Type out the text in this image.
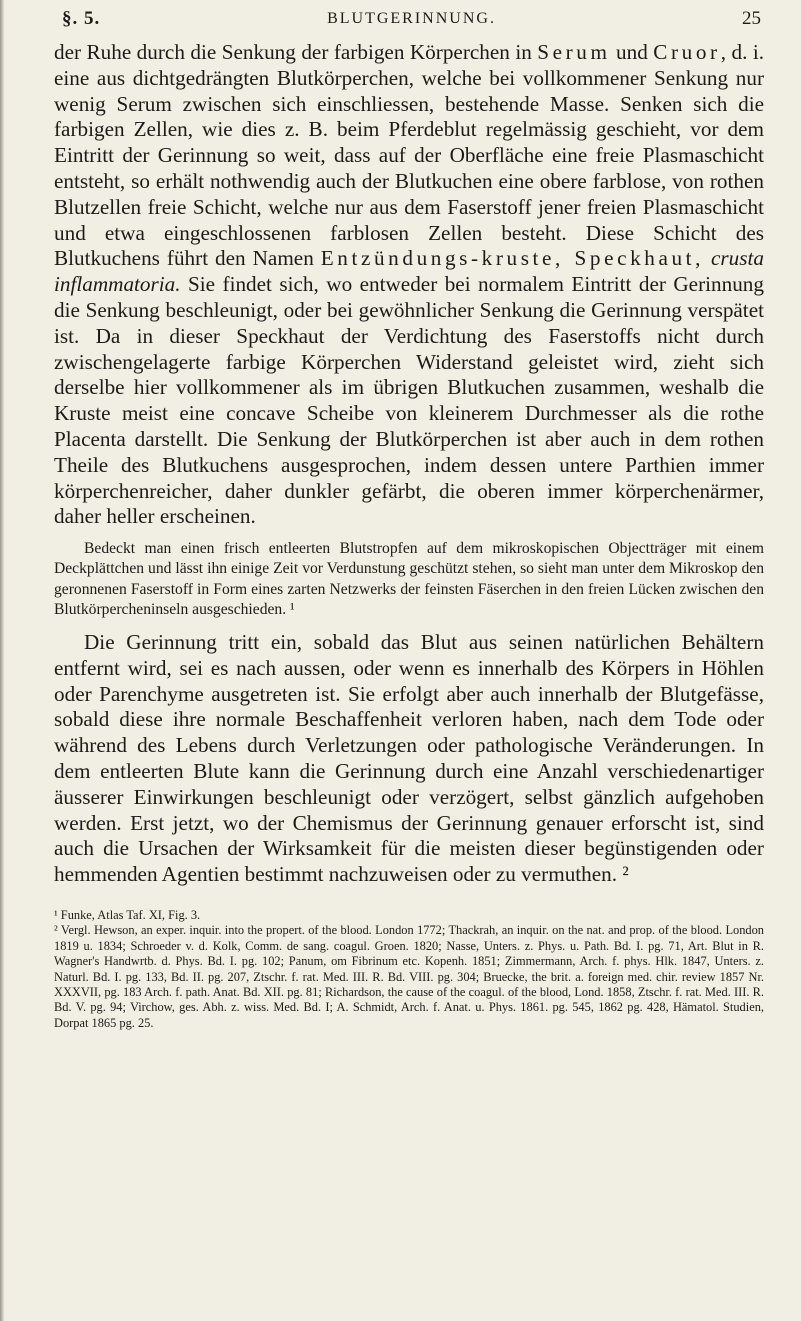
§. 5.	BLUTGERINNUNG.	25

der Ruhe durch die Senkung der farbigen Körperchen in Serum und Cruor, d. i. eine aus dichtgedrängten Blutkörperchen, welche bei vollkommener Senkung nur wenig Serum zwischen sich einschliessen, bestehende Masse. Senken sich die farbigen Zellen, wie dies z. B. beim Pferdeblut regelmässig geschieht, vor dem Eintritt der Gerinnung so weit, dass auf der Oberfläche eine freie Plasmaschicht entsteht, so erhält nothwendig auch der Blutkuchen eine obere farblose, von rothen Blutzellen freie Schicht, welche nur aus dem Faserstoff jener freien Plasmaschicht und etwa eingeschlossenen farblosen Zellen besteht. Diese Schicht des Blutkuchens führt den Namen Entzündungs-kruste, Speckhaut, crusta inflammatoria. Sie findet sich, wo entweder bei normalem Eintritt der Gerinnung die Senkung beschleunigt, oder bei gewöhnlicher Senkung die Gerinnung verspätet ist. Da in dieser Speckhaut der Verdichtung des Faserstoffs nicht durch zwischengelagerte farbige Körperchen Widerstand geleistet wird, zieht sich derselbe hier vollkommener als im übrigen Blutkuchen zusammen, weshalb die Kruste meist eine concave Scheibe von kleinerem Durchmesser als die rothe Placenta darstellt. Die Senkung der Blutkörperchen ist aber auch in dem rothen Theile des Blutkuchens ausgesprochen, indem dessen untere Parthien immer körperchenreicher, daher dunkler gefärbt, die oberen immer körperchenärmer, daher heller erscheinen.

Bedeckt man einen frisch entleerten Blutstropfen auf dem mikroskopischen Objectträger mit einem Deckplättchen und lässt ihn einige Zeit vor Verdunstung geschützt stehen, so sieht man unter dem Mikroskop den geronnenen Faserstoff in Form eines zarten Netzwerks der feinsten Fäserchen in den freien Lücken zwischen den Blutkörpercheninseln ausgeschieden. ¹

Die Gerinnung tritt ein, sobald das Blut aus seinen natürlichen Behältern entfernt wird, sei es nach aussen, oder wenn es innerhalb des Körpers in Höhlen oder Parenchyme ausgetreten ist. Sie erfolgt aber auch innerhalb der Blutgefässe, sobald diese ihre normale Beschaffenheit verloren haben, nach dem Tode oder während des Lebens durch Verletzungen oder pathologische Veränderungen. In dem entleerten Blute kann die Gerinnung durch eine Anzahl verschiedenartiger äusserer Einwirkungen beschleunigt oder verzögert, selbst gänzlich aufgehoben werden. Erst jetzt, wo der Chemismus der Gerinnung genauer erforscht ist, sind auch die Ursachen der Wirksamkeit für die meisten dieser begünstigenden oder hemmenden Agentien bestimmt nachzuweisen oder zu vermuthen. ²

¹ Funke, Atlas Taf. XI, Fig. 3.

² Vergl. Hewson, an exper. inquir. into the propert. of the blood. London 1772; Thackrah, an inquir. on the nat. and prop. of the blood. London 1819 u. 1834; Schroeder v. d. Kolk, Comm. de sang. coagul. Groen. 1820; Nasse, Unters. z. Phys. u. Path. Bd. I. pg. 71, Art. Blut in R. Wagner's Handwrtb. d. Phys. Bd. I. pg. 102; Panum, om Fibrinum etc. Kopenh. 1851; Zimmermann, Arch. f. phys. Hlk. 1847, Unters. z. Naturl. Bd. I. pg. 133, Bd. II. pg. 207, Ztschr. f. rat. Med. III. R. Bd. VIII. pg. 304; Bruecke, the brit. a. foreign med. chir. review 1857 Nr. XXXVII, pg. 183 Arch. f. path. Anat. Bd. XII. pg. 81; Richardson, the cause of the coagul. of the blood, Lond. 1858, Ztschr. f. rat. Med. III. R. Bd. V. pg. 94; Virchow, ges. Abh. z. wiss. Med. Bd. I; A. Schmidt, Arch. f. Anat. u. Phys. 1861. pg. 545, 1862 pg. 428, Hämatol. Studien, Dorpat 1865 pg. 25.
